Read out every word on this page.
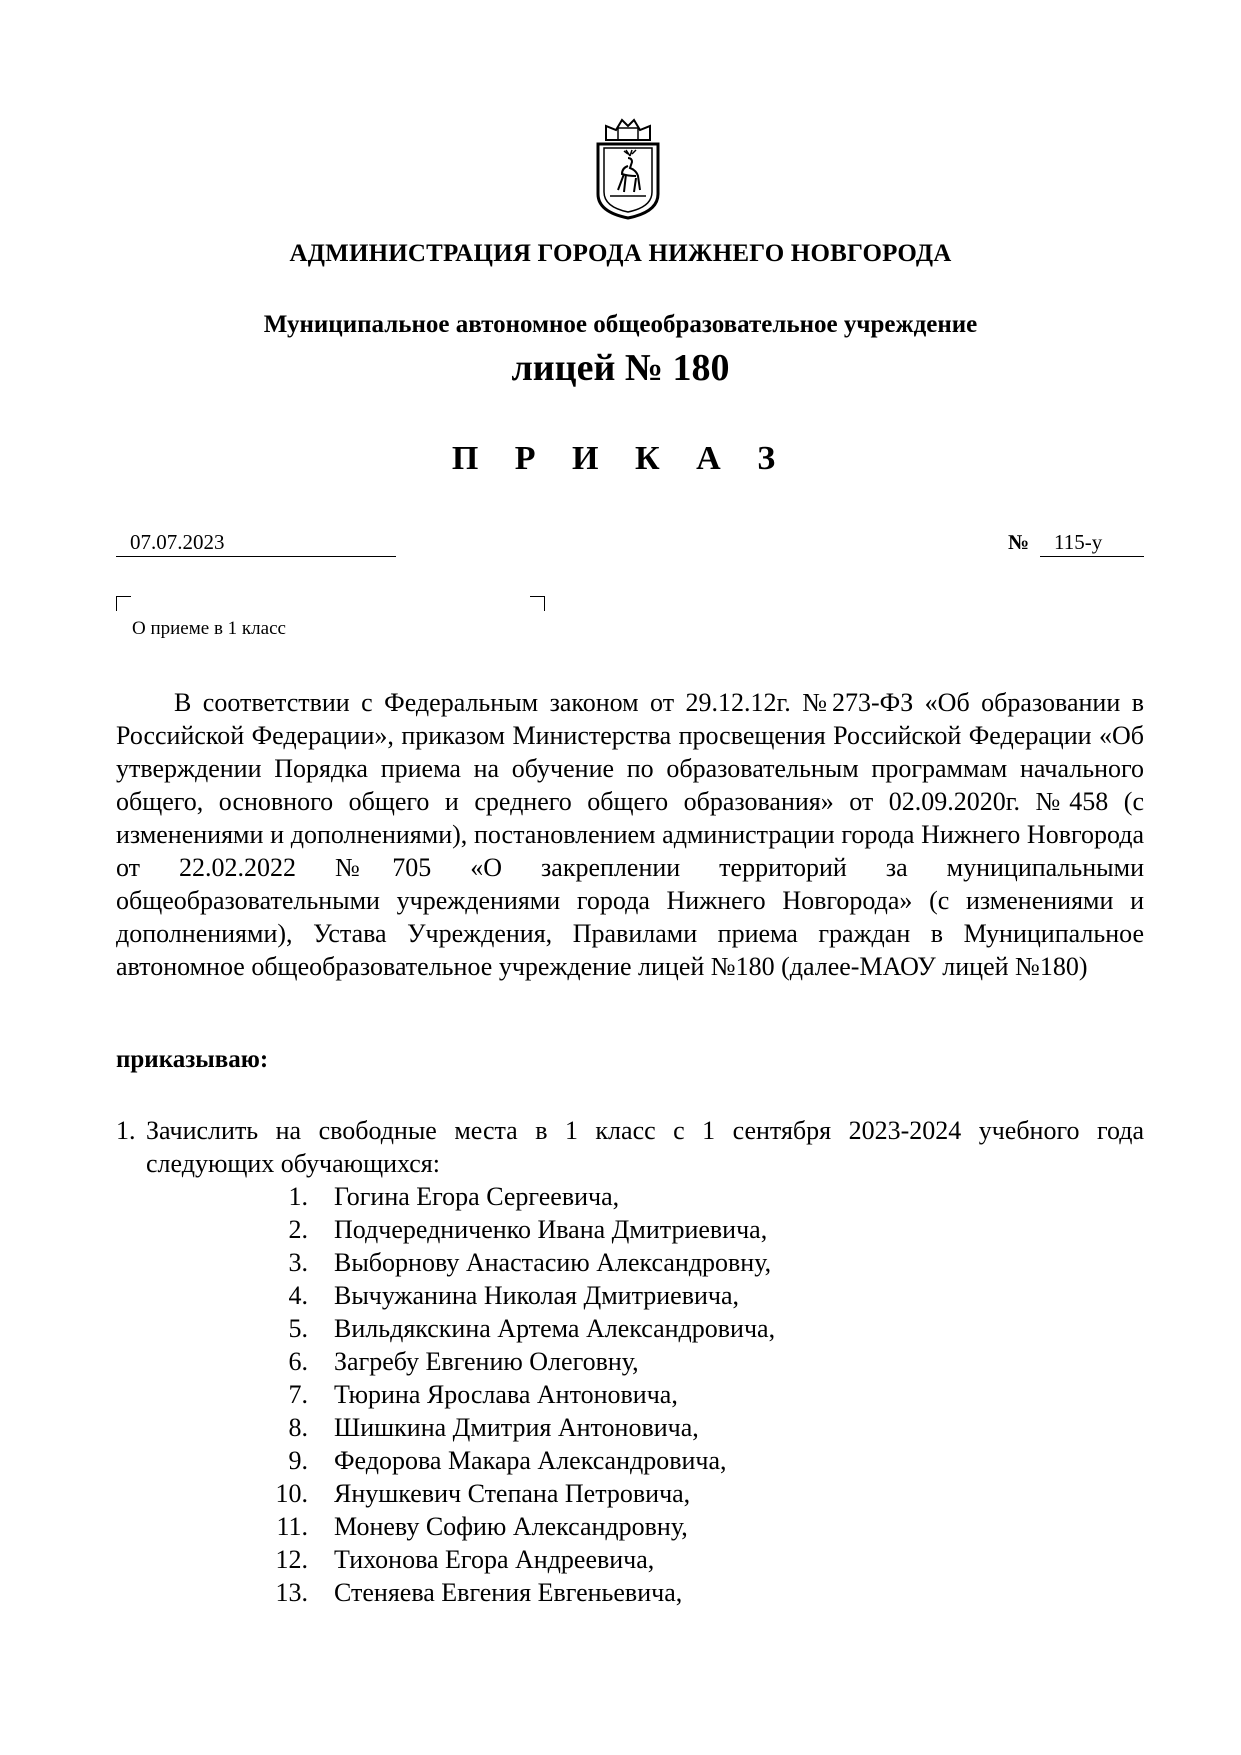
АДМИНИСТРАЦИЯ ГОРОДА НИЖНЕГО НОВГОРОДА
Муниципальное автономное общеобразовательное учреждение
лицей № 180
П Р И К А З
07.07.2023	№ 115-у
О приеме в 1 класс

В соответствии с Федеральным законом от 29.12.12г. №273-ФЗ «Об образовании в Российской Федерации», приказом Министерства просвещения Российской Федерации «Об утверждении Порядка приема на обучение по образовательным программам начального общего, основного общего и среднего общего образования» от 02.09.2020г. №458 (с изменениями и дополнениями), постановлением администрации города Нижнего Новгорода от 22.02.2022 №705 «О закреплении территорий за муниципальными общеобразовательными учреждениями города Нижнего Новгорода» (с изменениями и дополнениями), Устава Учреждения, Правилами приема граждан в Муниципальное автономное общеобразовательное учреждение лицей №180 (далее-МАОУ лицей №180)

приказываю:
1. Зачислить на свободные места в 1 класс с 1 сентября 2023-2024 учебного года следующих обучающихся:
1. Гогина Егора Сергеевича,
2. Подчередниченко Ивана Дмитриевича,
3. Выборнову Анастасию Александровну,
4. Вычужанина Николая Дмитриевича,
5. Вильдякскина Артема Александровича,
6. Загребу Евгению Олеговну,
7. Тюрина Ярослава Антоновича,
8. Шишкина Дмитрия Антоновича,
9. Федорова Макара Александровича,
10. Янушкевич Степана Петровича,
11. Моневу Софию Александровну,
12. Тихонова Егора Андреевича,
13. Стеняева Евгения Евгеньевича,
